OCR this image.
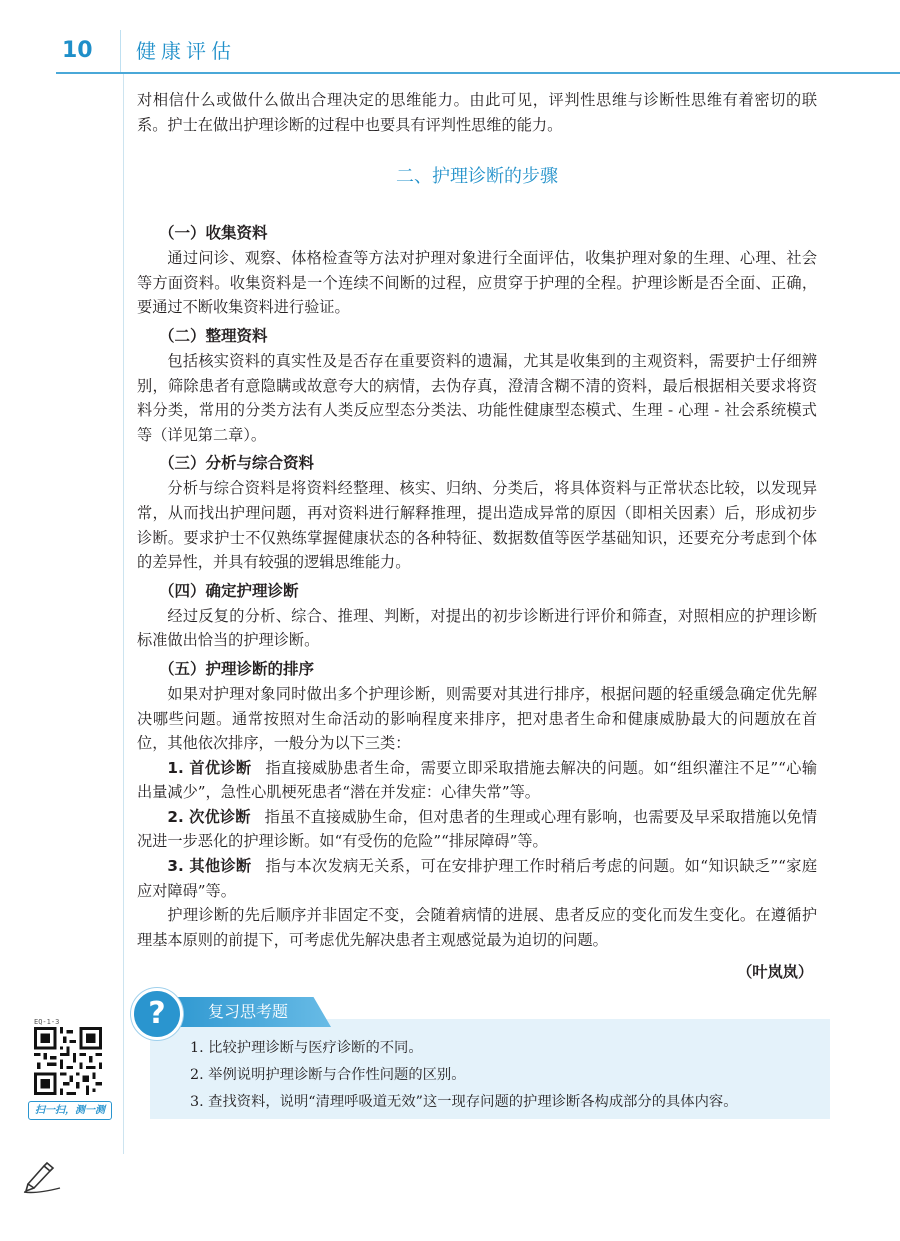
10	健康评估

对相信什么或做什么做出合理决定的思维能力。由此可见，评判性思维与诊断性思维有着密切的联系。护士在做出护理诊断的过程中也要具有评判性思维的能力。

二、护理诊断的步骤
（一）收集资料

通过问诊、观察、体格检查等方法对护理对象进行全面评估，收集护理对象的生理、心理、社会等方面资料。收集资料是一个连续不间断的过程，应贯穿于护理的全程。护理诊断是否全面、正确，要通过不断收集资料进行验证。

（二）整理资料

包括核实资料的真实性及是否存在重要资料的遗漏，尤其是收集到的主观资料，需要护士仔细辨别，筛除患者有意隐瞒或故意夸大的病情，去伪存真，澄清含糊不清的资料，最后根据相关要求将资料分类，常用的分类方法有人类反应型态分类法、功能性健康型态模式、生理 - 心理 - 社会系统模式等（详见第二章）。

（三）分析与综合资料

分析与综合资料是将资料经整理、核实、归纳、分类后，将具体资料与正常状态比较，以发现异常，从而找出护理问题，再对资料进行解释推理，提出造成异常的原因（即相关因素）后，形成初步诊断。要求护士不仅熟练掌握健康状态的各种特征、数据数值等医学基础知识，还要充分考虑到个体的差异性，并具有较强的逻辑思维能力。

（四）确定护理诊断

经过反复的分析、综合、推理、判断，对提出的初步诊断进行评价和筛查，对照相应的护理诊断标准做出恰当的护理诊断。

（五）护理诊断的排序

如果对护理对象同时做出多个护理诊断，则需要对其进行排序，根据问题的轻重缓急确定优先解决哪些问题。通常按照对生命活动的影响程度来排序，把对患者生命和健康威胁最大的问题放在首位，其他依次排序，一般分为以下三类：

1. 首优诊断 指直接威胁患者生命，需要立即采取措施去解决的问题。如“组织灌注不足”“心输出量减少”，急性心肌梗死患者“潜在并发症：心律失常”等。

2. 次优诊断 指虽不直接威胁生命，但对患者的生理或心理有影响，也需要及早采取措施以免情况进一步恶化的护理诊断。如“有受伤的危险”“排尿障碍”等。

3. 其他诊断 指与本次发病无关系，可在安排护理工作时稍后考虑的问题。如“知识缺乏”“家庭应对障碍”等。

护理诊断的先后顺序并非固定不变，会随着病情的进展、患者反应的变化而发生变化。在遵循护理基本原则的前提下，可考虑优先解决患者主观感觉最为迫切的问题。

（叶岚岚）
复习思考题
?
1. 比较护理诊断与医疗诊断的不同。
2. 举例说明护理诊断与合作性问题的区别。
3. 查找资料，说明“清理呼吸道无效”这一现存问题的护理诊断各构成部分的具体内容。
EQ-1-3
扫一扫，测一测
